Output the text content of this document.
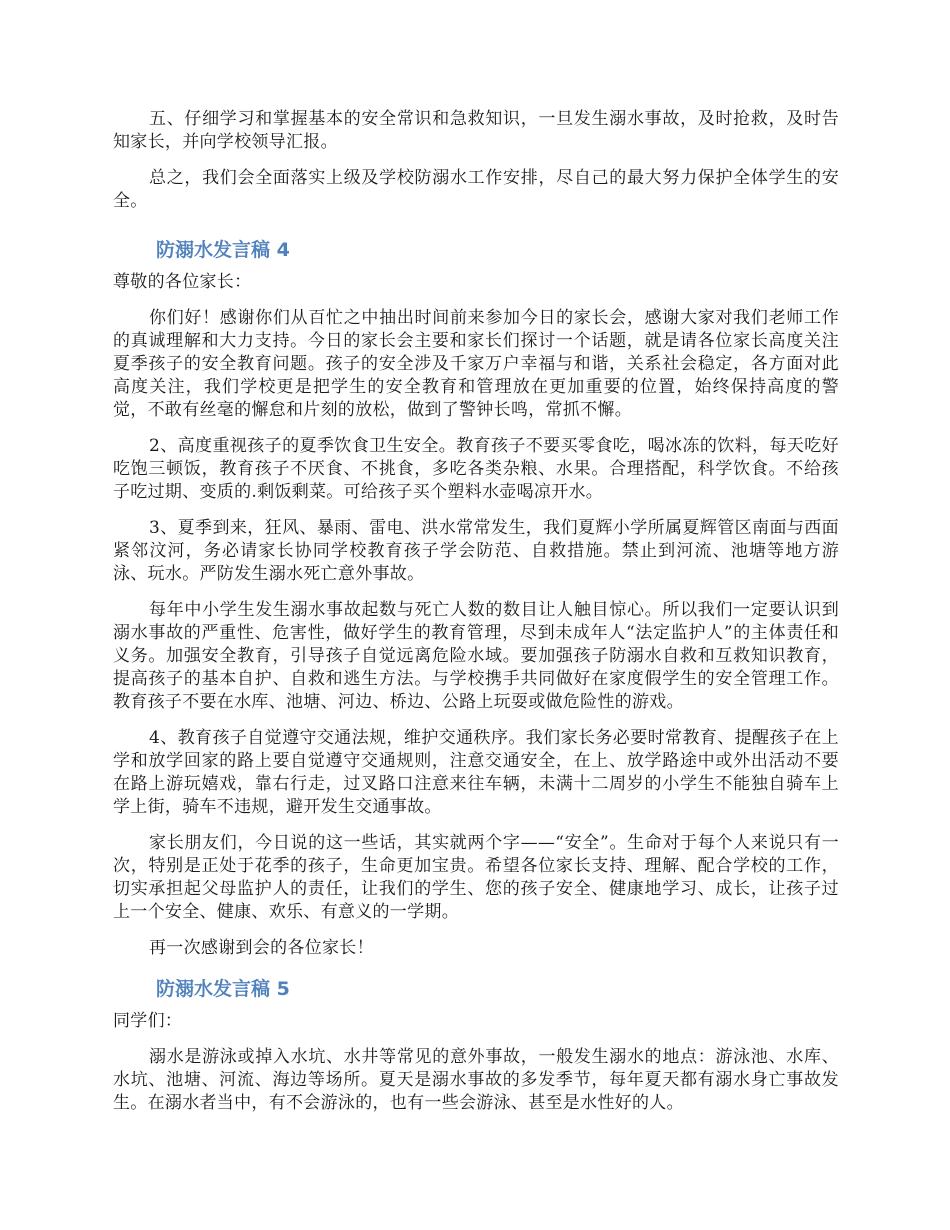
五、仔细学习和掌握基本的安全常识和急救知识，一旦发生溺水事故，及时抢救，及时告知家长，并向学校领导汇报。

总之，我们会全面落实上级及学校防溺水工作安排，尽自己的最大努力保护全体学生的安全。

防溺水发言稿 4

尊敬的各位家长：

你们好！感谢你们从百忙之中抽出时间前来参加今日的家长会，感谢大家对我们老师工作的真诚理解和大力支持。今日的家长会主要和家长们探讨一个话题，就是请各位家长高度关注夏季孩子的安全教育问题。孩子的安全涉及千家万户幸福与和谐，关系社会稳定，各方面对此高度关注，我们学校更是把学生的安全教育和管理放在更加重要的位置，始终保持高度的警觉，不敢有丝毫的懈怠和片刻的放松，做到了警钟长鸣，常抓不懈。

2、高度重视孩子的夏季饮食卫生安全。教育孩子不要买零食吃，喝冰冻的饮料，每天吃好吃饱三顿饭，教育孩子不厌食、不挑食，多吃各类杂粮、水果。合理搭配，科学饮食。不给孩子吃过期、变质的.剩饭剩菜。可给孩子买个塑料水壶喝凉开水。

3、夏季到来，狂风、暴雨、雷电、洪水常常发生，我们夏辉小学所属夏辉管区南面与西面紧邻汶河，务必请家长协同学校教育孩子学会防范、自救措施。禁止到河流、池塘等地方游泳、玩水。严防发生溺水死亡意外事故。

每年中小学生发生溺水事故起数与死亡人数的数目让人触目惊心。所以我们一定要认识到溺水事故的严重性、危害性，做好学生的教育管理，尽到未成年人“法定监护人”的主体责任和义务。加强安全教育，引导孩子自觉远离危险水域。要加强孩子防溺水自救和互救知识教育，提高孩子的基本自护、自救和逃生方法。与学校携手共同做好在家度假学生的安全管理工作。教育孩子不要在水库、池塘、河边、桥边、公路上玩耍或做危险性的游戏。

4、教育孩子自觉遵守交通法规，维护交通秩序。我们家长务必要时常教育、提醒孩子在上学和放学回家的路上要自觉遵守交通规则，注意交通安全，在上、放学路途中或外出活动不要在路上游玩嬉戏，靠右行走，过叉路口注意来往车辆，未满十二周岁的小学生不能独自骑车上学上街，骑车不违规，避开发生交通事故。

家长朋友们，今日说的这一些话，其实就两个字——“安全”。生命对于每个人来说只有一次，特别是正处于花季的孩子，生命更加宝贵。希望各位家长支持、理解、配合学校的工作，切实承担起父母监护人的责任，让我们的学生、您的孩子安全、健康地学习、成长，让孩子过上一个安全、健康、欢乐、有意义的一学期。

再一次感谢到会的各位家长！

防溺水发言稿 5

同学们：

溺水是游泳或掉入水坑、水井等常见的意外事故，一般发生溺水的地点：游泳池、水库、水坑、池塘、河流、海边等场所。夏天是溺水事故的多发季节，每年夏天都有溺水身亡事故发生。在溺水者当中，有不会游泳的，也有一些会游泳、甚至是水性好的人。
